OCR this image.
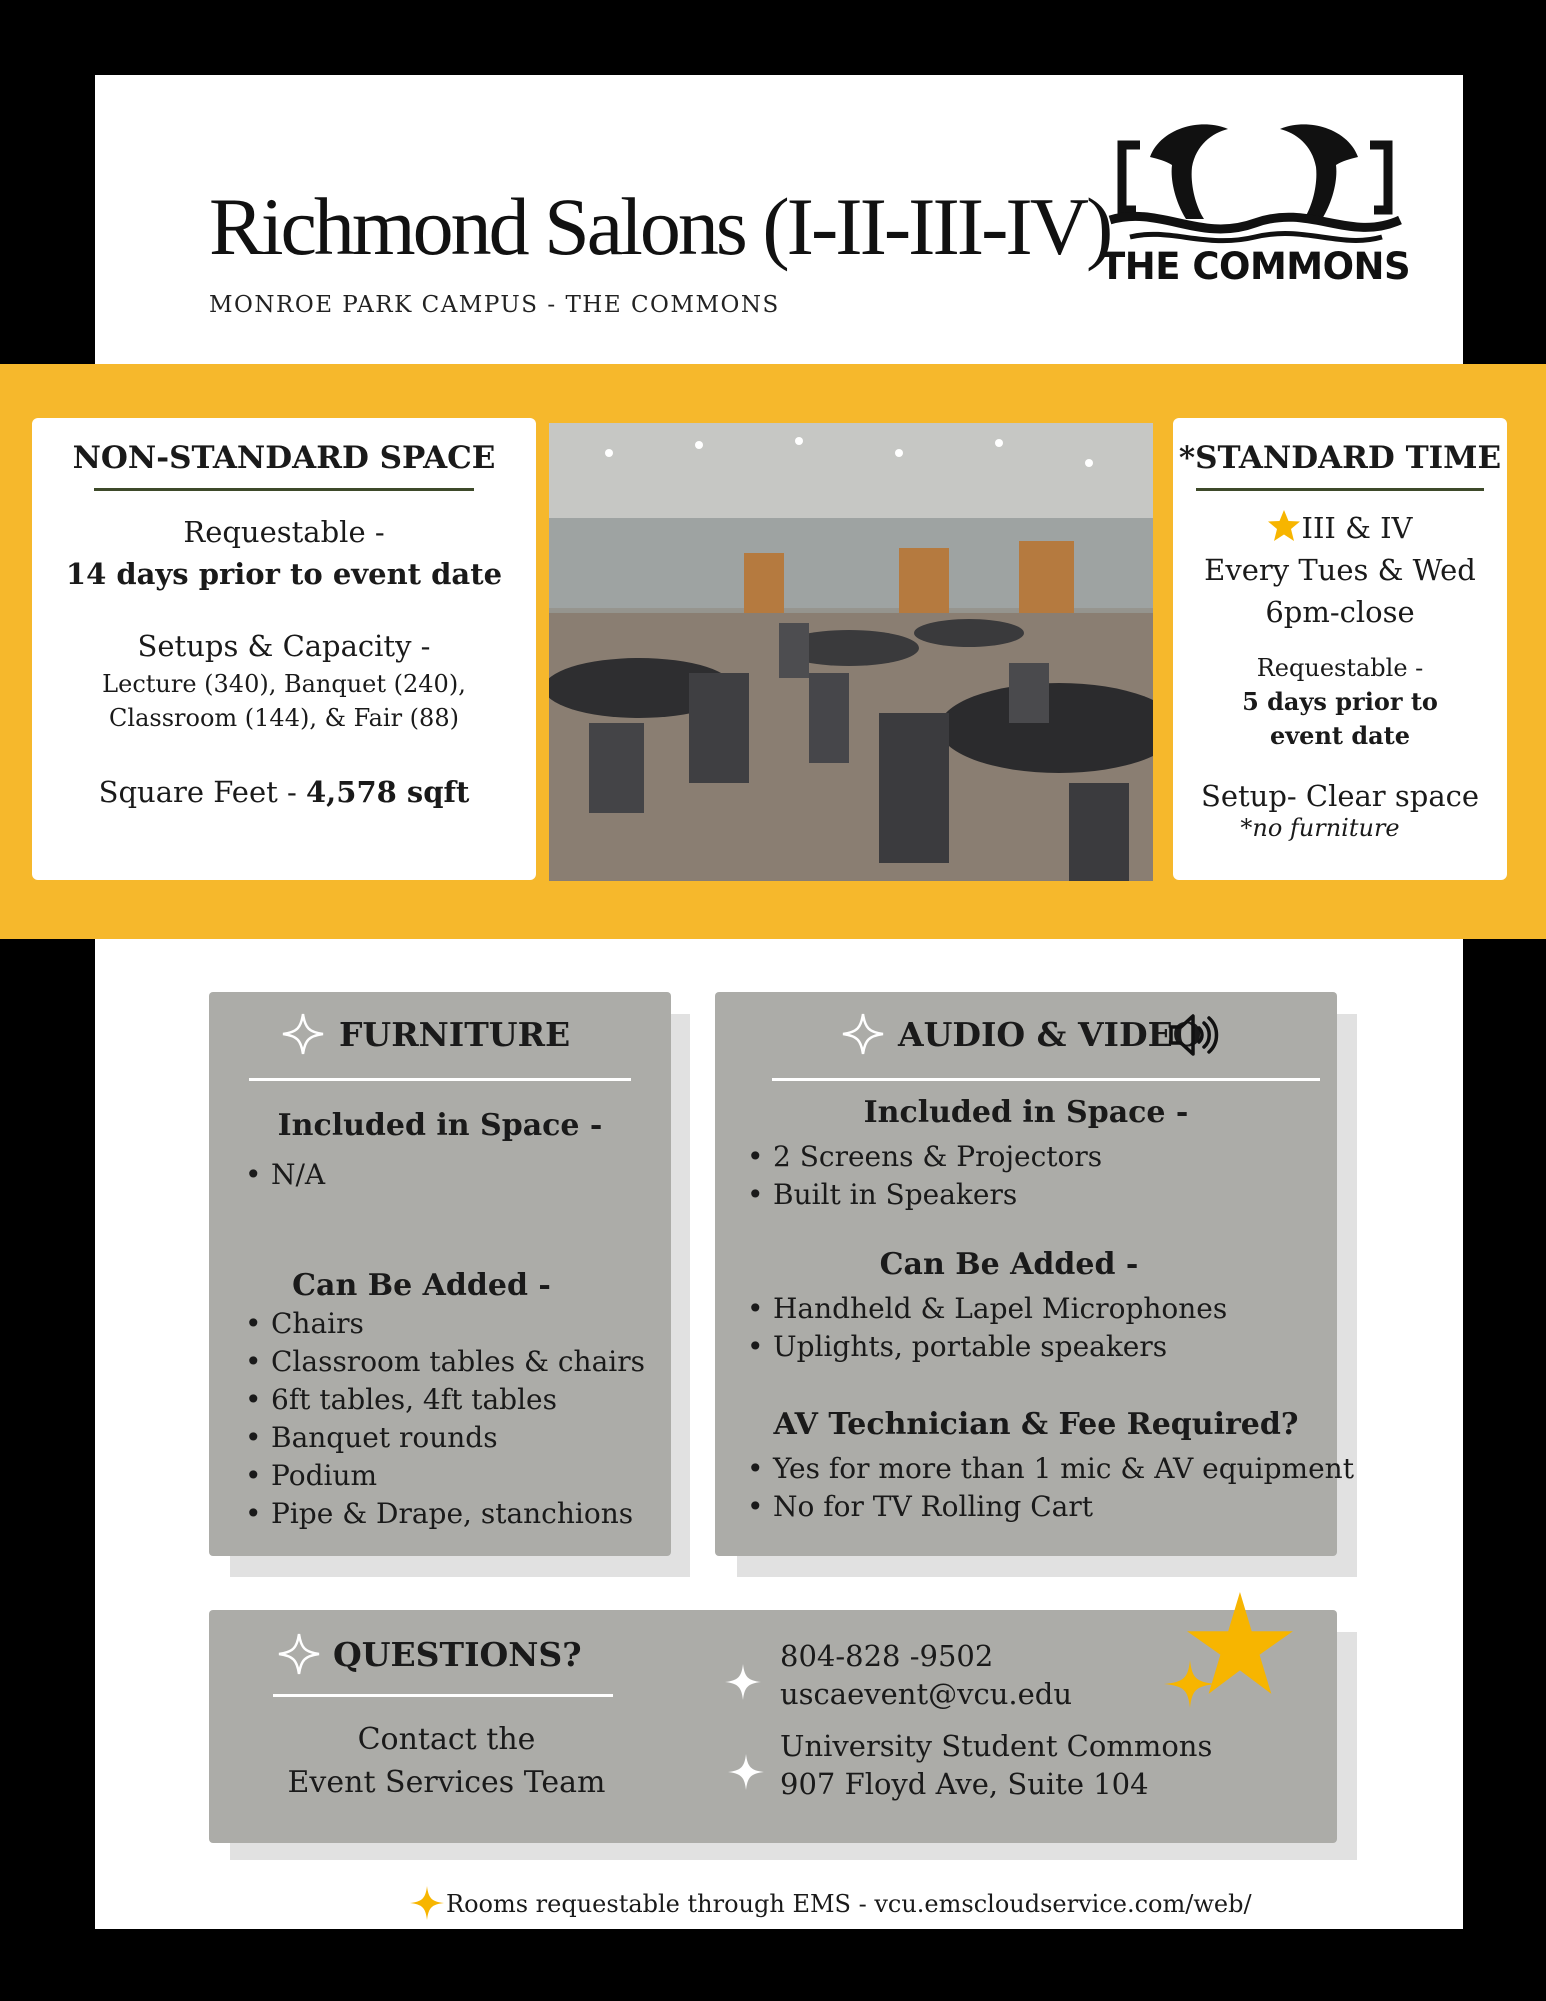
Richmond Salons (I-II-III-IV)
MONROE PARK CAMPUS - THE COMMONS
THE COMMONS
NON-STANDARD SPACE
Requestable -
14 days prior to event date
Setups & Capacity -
Lecture (340), Banquet (240),
Classroom (144), & Fair (88)
Square Feet - 4,578 sqft
*STANDARD TIME
III & IV
Every Tues & Wed
6pm-close
Requestable -
5 days prior to
event date
Setup- Clear space
*no furniture
FURNITURE
Included in Space -
• N/A
Can Be Added -
• Chairs
• Classroom tables & chairs
• 6ft tables, 4ft tables
• Banquet rounds
• Podium
• Pipe & Drape, stanchions
AUDIO & VIDEO
Included in Space -
• 2 Screens & Projectors
• Built in Speakers
Can Be Added -
• Handheld & Lapel Microphones
• Uplights, portable speakers
AV Technician & Fee Required?
• Yes for more than 1 mic & AV equipment
• No for TV Rolling Cart
QUESTIONS?
Contact the
Event Services Team
804-828 -9502
uscaevent@vcu.edu
University Student Commons
907 Floyd Ave, Suite 104
Rooms requestable through EMS - vcu.emscloudservice.com/web/
